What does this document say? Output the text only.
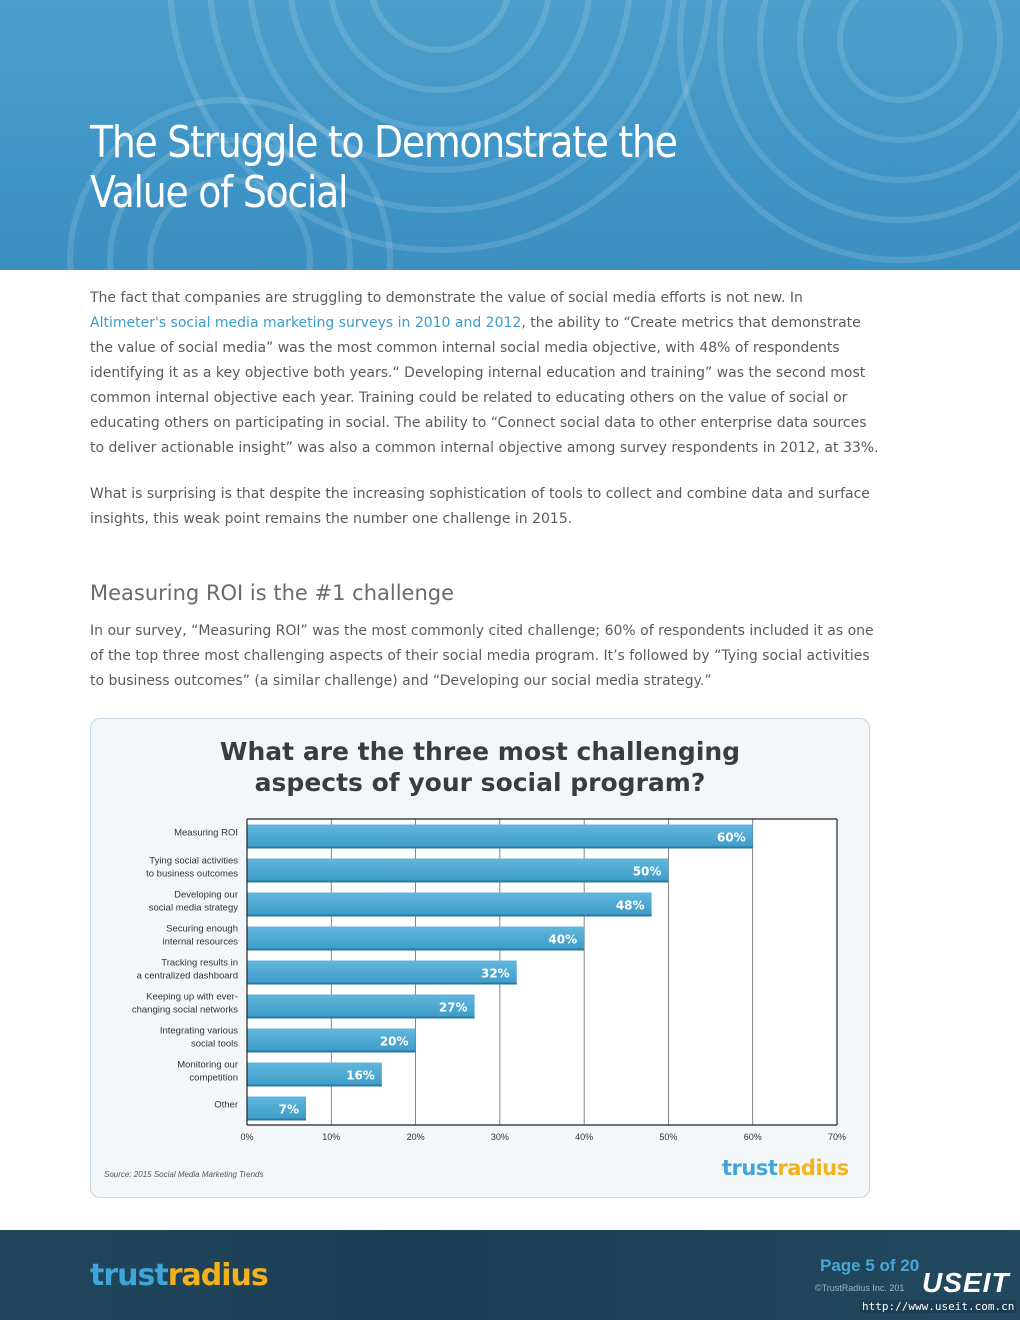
The Struggle to Demonstrate the
Value of Social

The fact that companies are struggling to demonstrate the value of social media efforts is not new. In
Altimeter's social media marketing surveys in 2010 and 2012, the ability to “Create metrics that demonstrate the value of social media” was the most common internal social media objective, with 48% of respondents identifying it as a key objective both years.“ Developing internal education and training” was the second most common internal objective each year. Training could be related to educating others on the value of social or educating others on participating in social. The ability to “Connect social data to other enterprise data sources to deliver actionable insight” was also a common internal objective among survey respondents in 2012, at 33%.

What is surprising is that despite the increasing sophistication of tools to collect and combine data and surface insights, this weak point remains the number one challenge in 2015.

Measuring ROI is the #1 challenge

In our survey, “Measuring ROI” was the most commonly cited challenge; 60% of respondents included it as one of the top three most challenging aspects of their social media program. It’s followed by “Tying social activities to business outcomes” (a similar challenge) and “Developing our social media strategy.”

What are the three most challenging
aspects of your social program?
0%	10%	20%	30%	40%	50%	60%	70%
60%
Measuring ROI
50%
Tying social activities
to business outcomes
48%
Developing our
social media strategy
40%
Securing enough
internal resources
32%
Tracking results in
a centralized dashboard
27%
Keeping up with ever-
changing social networks
20%
Integrating various
social tools
16%
Monitoring our
competition
7%
Other
Source: 2015 Social Media Marketing Trends	trustradius
trustradius	Page 5 of 20
©TrustRadius Inc. 201 USEIT
http://www.useit.com.cn
